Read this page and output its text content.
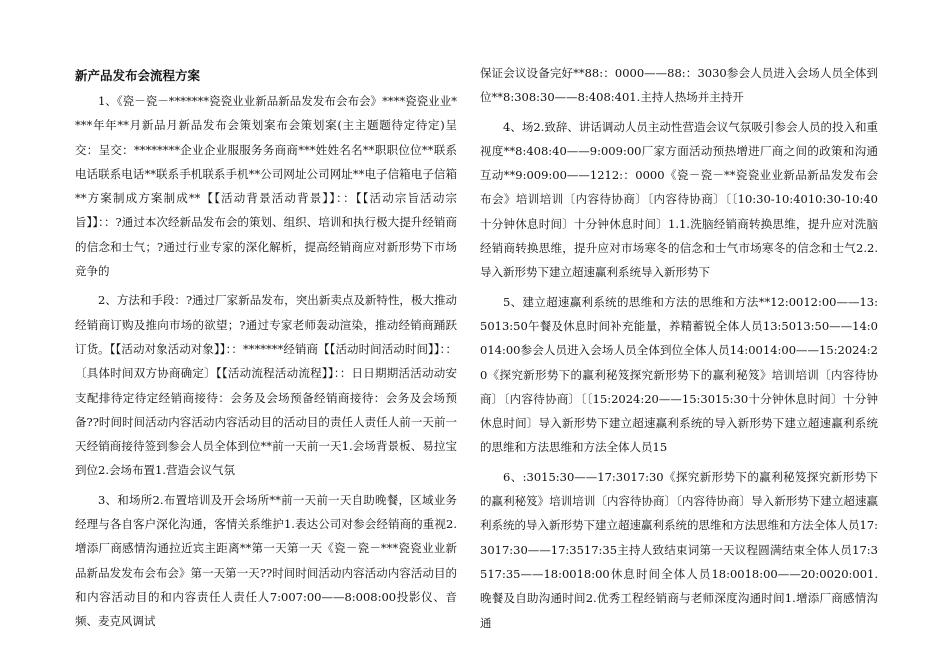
新产品发布会流程方案

1、《瓷－瓷－*******瓷瓷业业新品新品发发布会布会》****瓷瓷业业****年年**月新品月新品发布会策划案布会策划案(主主题题待定待定)呈交：呈交：********企业企业服服务务商商***姓姓名名**职职位位**联系电话联系电话**联系手机联系手机**公司网址公司网址**电子信箱电子信箱**方案制成方案制成**【【活动背景活动背景】】：：【【活动宗旨活动宗旨】】：：?通过本次经新品发布会的策划、组织、培训和执行极大提升经销商的信念和士气；?通过行业专家的深化解析，提高经销商应对新形势下市场竞争的

2、方法和手段：?通过厂家新品发布，突出新卖点及新特性，极大推动经销商订购及推向市场的欲望；?通过专家老师轰动渲染，推动经销商踊跃订货。【【活动对象活动对象】】：：*******经销商【【活动时间活动时间】】：：〔具体时间双方协商确定〕【【活动流程活动流程】】：：日日期期活活动动安支配排待定待定经销商接待：会务及会场预备经销商接待：会务及会场预备??时间时间活动内容活动内容活动目的活动目的责任人责任人前一天前一天经销商接待签到参会人员全体到位**前一天前一天1.会场背景板、易拉宝到位2.会场布置1.营造会议气氛

3、和场所2.布置培训及开会场所**前一天前一天自助晚餐，区域业务经理与各自客户深化沟通，客情关系维护1.表达公司对参会经销商的重视2.增添厂商感情沟通拉近宾主距离**第一天第一天《瓷－瓷－***瓷瓷业业新品新品发发布会布会》第一天第一天??时间时间活动内容活动内容活动目的和内容活动目的和内容责任人责任人7:007:00——8:008:00投影仪、音频、麦克风调试

保证会议设备完好**88:：0000——88:：3030参会人员进入会场人员全体到位**8:308:30——8:408:401.主持人热场并主持开

4、场2.致辞、讲话调动人员主动性营造会议气氛吸引参会人员的投入和重视度**8:408:40——9:009:00厂家方面活动预热增进厂商之间的政策和沟通互动**9:009:00——1212:：0000《瓷－瓷－**瓷瓷业业新品新品发发布会布会》培训培训〔内容待协商〕〔内容待协商〕〔〔10:30-10:4010:30-10:40十分钟休息时间〕十分钟休息时间〕1.1.洗脑经销商转换思维，提升应对洗脑经销商转换思维，提升应对市场寒冬的信念和士气市场寒冬的信念和士气2.2.导入新形势下建立超速赢利系统导入新形势下

5、建立超速赢利系统的思维和方法的思维和方法**12:0012:00——13:5013:50午餐及休息时间补充能量，养精蓄锐全体人员13:5013:50——14:0014:00参会人员进入会场人员全体到位全体人员14:0014:00——15:2024:20《探究新形势下的赢利秘笈探究新形势下的赢利秘笈》培训培训〔内容待协商〕〔内容待协商〕〔〔15:2024:20——15:3015:30十分钟休息时间〕十分钟休息时间〕导入新形势下建立超速赢利系统的导入新形势下建立超速赢利系统的思维和方法思维和方法全体人员15

6、:3015:30——17:3017:30《探究新形势下的赢利秘笈探究新形势下的赢利秘笈》培训培训〔内容待协商〕〔内容待协商〕导入新形势下建立超速赢利系统的导入新形势下建立超速赢利系统的思维和方法思维和方法全体人员17:3017:30——17:3517:35主持人致结束词第一天议程圆满结束全体人员17:3517:35——18:0018:00休息时间全体人员18:0018:00——20:0020:001.晚餐及自助沟通时间2.优秀工程经销商与老师深度沟通时间1.增添厂商感情沟通
